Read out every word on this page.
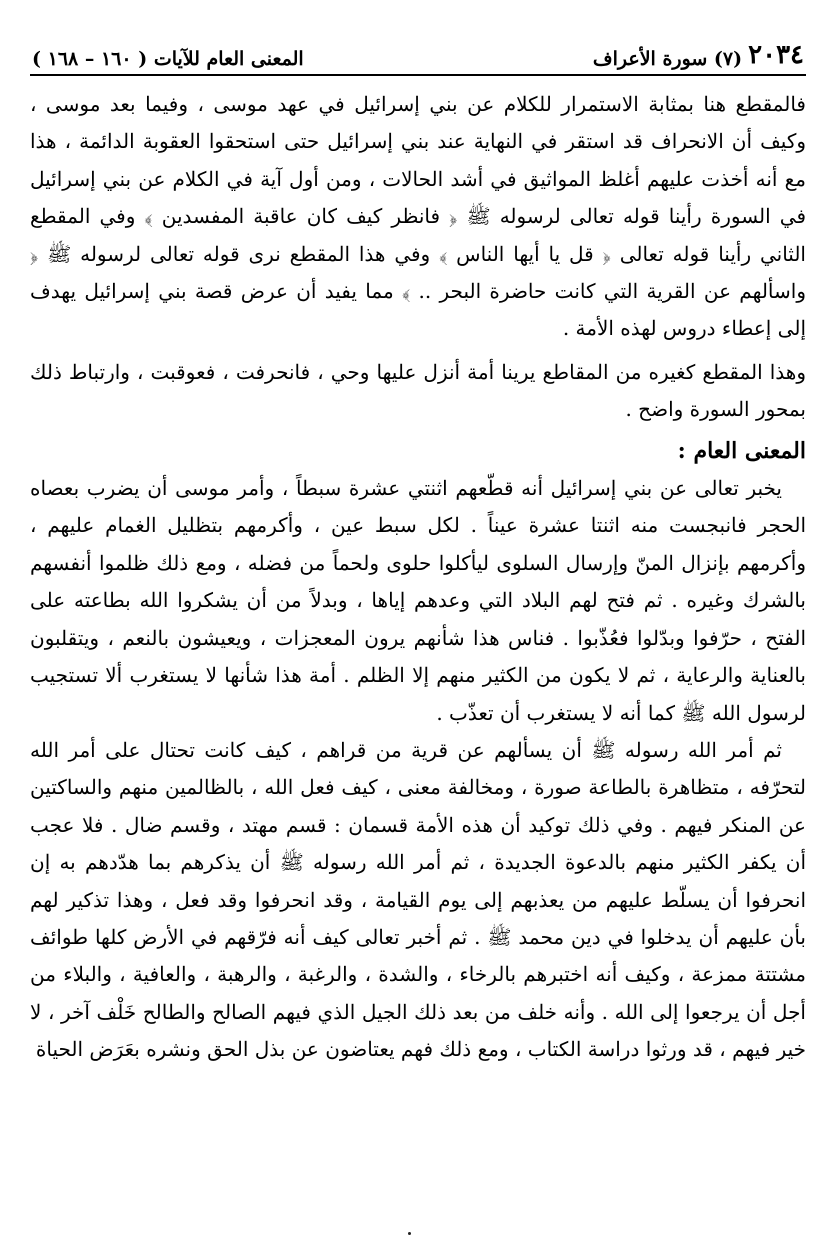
٢٠٣٤
(٧) سورة الأعراف
المعنى العام للآيات ( ١٦٠ – ١٦٨ )

فالمقطع هنا بمثابة الاستمرار للكلام عن بني إسرائيل في عهد موسى ، وفيما بعد موسى ، وكيف أن الانحراف قد استقر في النهاية عند بني إسرائيل حتى استحقوا العقوبة الدائمة ، هذا مع أنه أخذت عليهم أغلظ المواثيق في أشد الحالات ، ومن أول آية في الكلام عن بني إسرائيل في السورة رأينا قوله تعالى لرسوله ﷺ ﴿ فانظر كيف كان عاقبة المفسدين ﴾ وفي المقطع الثاني رأينا قوله تعالى ﴿ قل يا أيها الناس ﴾ وفي هذا المقطع نرى قوله تعالى لرسوله ﷺ ﴿ واسألهم عن القرية التي كانت حاضرة البحر .. ﴾ مما يفيد أن عرض قصة بني إسرائيل يهدف إلى إعطاء دروس لهذه الأمة .

وهذا المقطع كغيره من المقاطع يرينا أمة أنزل عليها وحي ، فانحرفت ، فعوقبت ، وارتباط ذلك بمحور السورة واضح .

المعنى العام :

يخبر تعالى عن بني إسرائيل أنه قطّعهم اثنتي عشرة سبطاً ، وأمر موسى أن يضرب بعصاه الحجر فانبجست منه اثنتا عشرة عيناً . لكل سبط عين ، وأكرمهم بتظليل الغمام عليهم ، وأكرمهم بإنزال المنّ وإرسال السلوى ليأكلوا حلوى ولحماً من فضله ، ومع ذلك ظلموا أنفسهم بالشرك وغيره . ثم فتح لهم البلاد التي وعدهم إياها ، وبدلاً من أن يشكروا الله بطاعته على الفتح ، حرّفوا وبدّلوا فعُذّبوا . فناس هذا شأنهم يرون المعجزات ، ويعيشون بالنعم ، ويتقلبون بالعناية والرعاية ، ثم لا يكون من الكثير منهم إلا الظلم . أمة هذا شأنها لا يستغرب ألا تستجيب لرسول الله ﷺ كما أنه لا يستغرب أن تعذّب .

ثم أمر الله رسوله ﷺ أن يسألهم عن قرية من قراهم ، كيف كانت تحتال على أمر الله لتحرّفه ، متظاهرة بالطاعة صورة ، ومخالفة معنى ، كيف فعل الله ، بالظالمين منهم والساكتين عن المنكر فيهم . وفي ذلك توكيد أن هذه الأمة قسمان : قسم مهتد ، وقسم ضال . فلا عجب أن يكفر الكثير منهم بالدعوة الجديدة ، ثم أمر الله رسوله ﷺ أن يذكرهم بما هدّدهم به إن انحرفوا أن يسلّط عليهم من يعذبهم إلى يوم القيامة ، وقد انحرفوا وقد فعل ، وهذا تذكير لهم بأن عليهم أن يدخلوا في دين محمد ﷺ . ثم أخبر تعالى كيف أنه فرّقهم في الأرض كلها طوائف مشتتة ممزعة ، وكيف أنه اختبرهم بالرخاء ، والشدة ، والرغبة ، والرهبة ، والعافية ، والبلاء من أجل أن يرجعوا إلى الله . وأنه خلف من بعد ذلك الجيل الذي فيهم الصالح والطالح خَلْف آخر ، لا خير فيهم ، قد ورثوا دراسة الكتاب ، ومع ذلك فهم يعتاضون عن بذل الحق ونشره بعَرَض الحياة
